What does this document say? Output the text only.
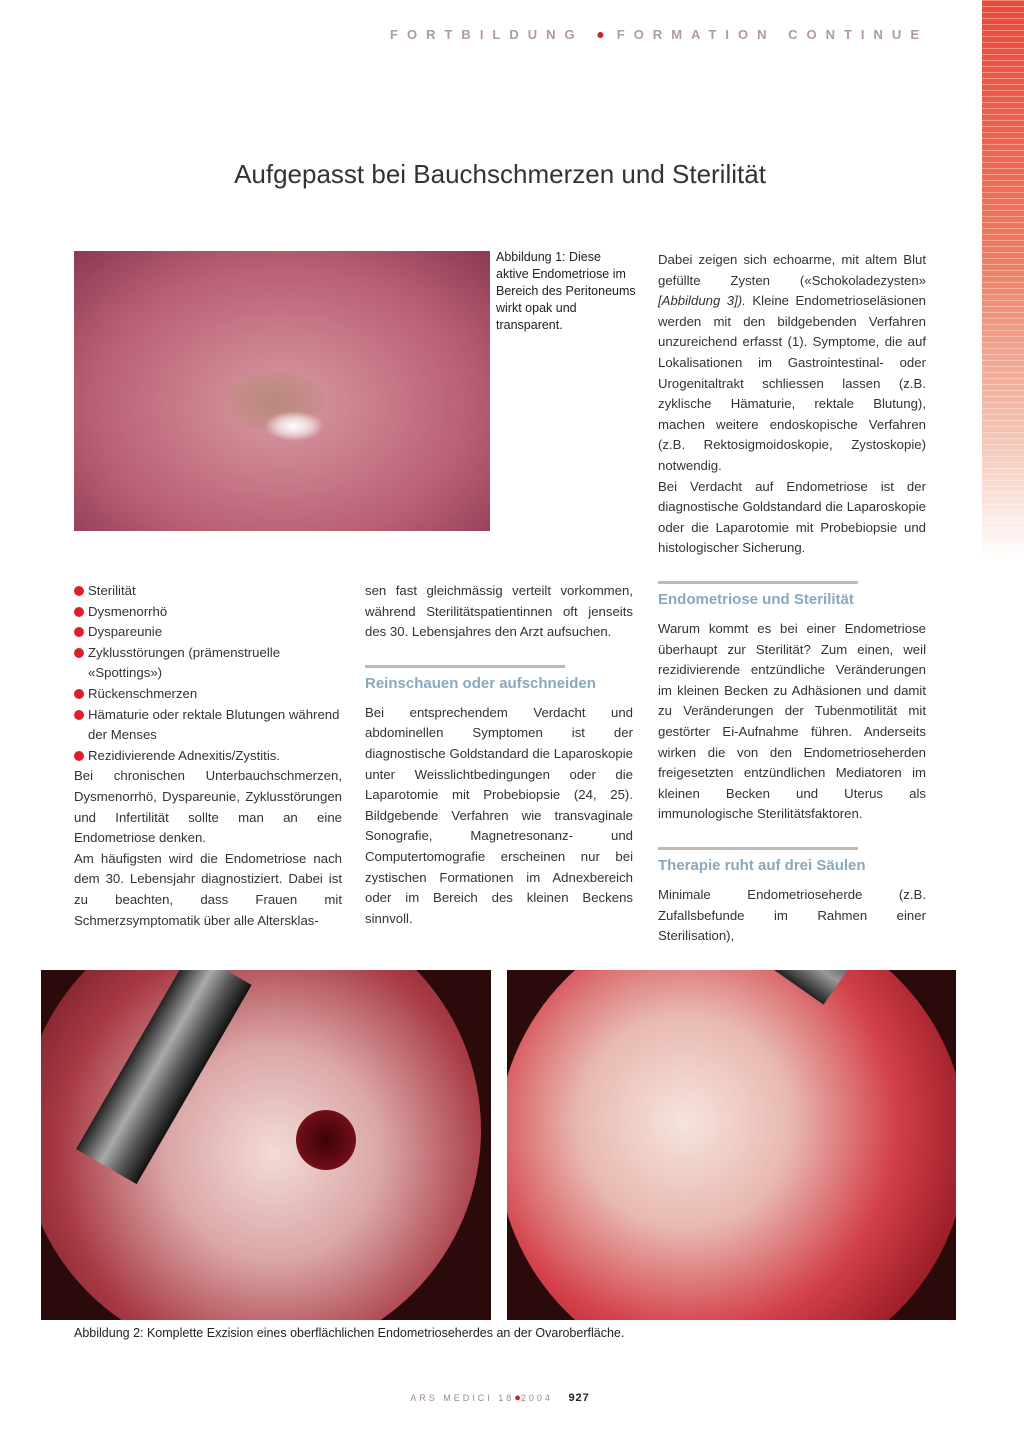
FORTBILDUNG ● FORMATION CONTINUE
Aufgepasst bei Bauchschmerzen und Sterilität
Abbildung 1: Diese aktive Endometriose im Bereich des Peritoneums wirkt opak und transparent.

Dabei zeigen sich echoarme, mit altem Blut gefüllte Zysten («Schokoladezysten» [Abbildung 3]). Kleine Endometrioseläsionen werden mit den bildgebenden Verfahren unzureichend erfasst (1). Symptome, die auf Lokalisationen im Gastrointestinal- oder Urogenitaltrakt schliessen lassen (z.B. zyklische Hämaturie, rektale Blutung), machen weitere endoskopische Verfahren (z.B. Rektosigmoidoskopie, Zystoskopie) notwendig.

Bei Verdacht auf Endometriose ist der diagnostische Goldstandard die Laparoskopie oder die Laparotomie mit Probebiopsie und histologischer Sicherung.

Sterilität
Dysmenorrhö
Dyspareunie
Zyklusstörungen (prämenstruelle «Spottings»)
Rückenschmerzen
Hämaturie oder rektale Blutungen während der Menses
Rezidivierende Adnexitis/Zystitis.

Bei chronischen Unterbauchschmerzen, Dysmenorrhö, Dyspareunie, Zyklusstörungen und Infertilität sollte man an eine Endometriose denken.

Am häufigsten wird die Endometriose nach dem 30. Lebensjahr diagnostiziert. Dabei ist zu beachten, dass Frauen mit Schmerzsymptomatik über alle Altersklas-

sen fast gleichmässig verteilt vorkommen, während Sterilitätspatientinnen oft jenseits des 30. Lebensjahres den Arzt aufsuchen.

Reinschauen oder aufschneiden

Bei entsprechendem Verdacht und abdominellen Symptomen ist der diagnostische Goldstandard die Laparoskopie unter Weisslichtbedingungen oder die Laparotomie mit Probebiopsie (24, 25). Bildgebende Verfahren wie transvaginale Sonografie, Magnetresonanz- und Computertomografie erscheinen nur bei zystischen Formationen im Adnexbereich oder im Bereich des kleinen Beckens sinnvoll.

Endometriose und Sterilität

Warum kommt es bei einer Endometriose überhaupt zur Sterilität? Zum einen, weil rezidivierende entzündliche Veränderungen im kleinen Becken zu Adhäsionen und damit zu Veränderungen der Tubenmotilität mit gestörter Ei-Aufnahme führen. Anderseits wirken die von den Endometrioseherden freigesetzten entzündlichen Mediatoren im kleinen Becken und Uterus als immunologische Sterilitätsfaktoren.

Therapie ruht auf drei Säulen

Minimale Endometrioseherde (z.B. Zufallsbefunde im Rahmen einer Sterilisation),

Abbildung 2: Komplette Exzision eines oberflächlichen Endometrioseherdes an der Ovaroberfläche.
ARS MEDICI 18●2004 927
